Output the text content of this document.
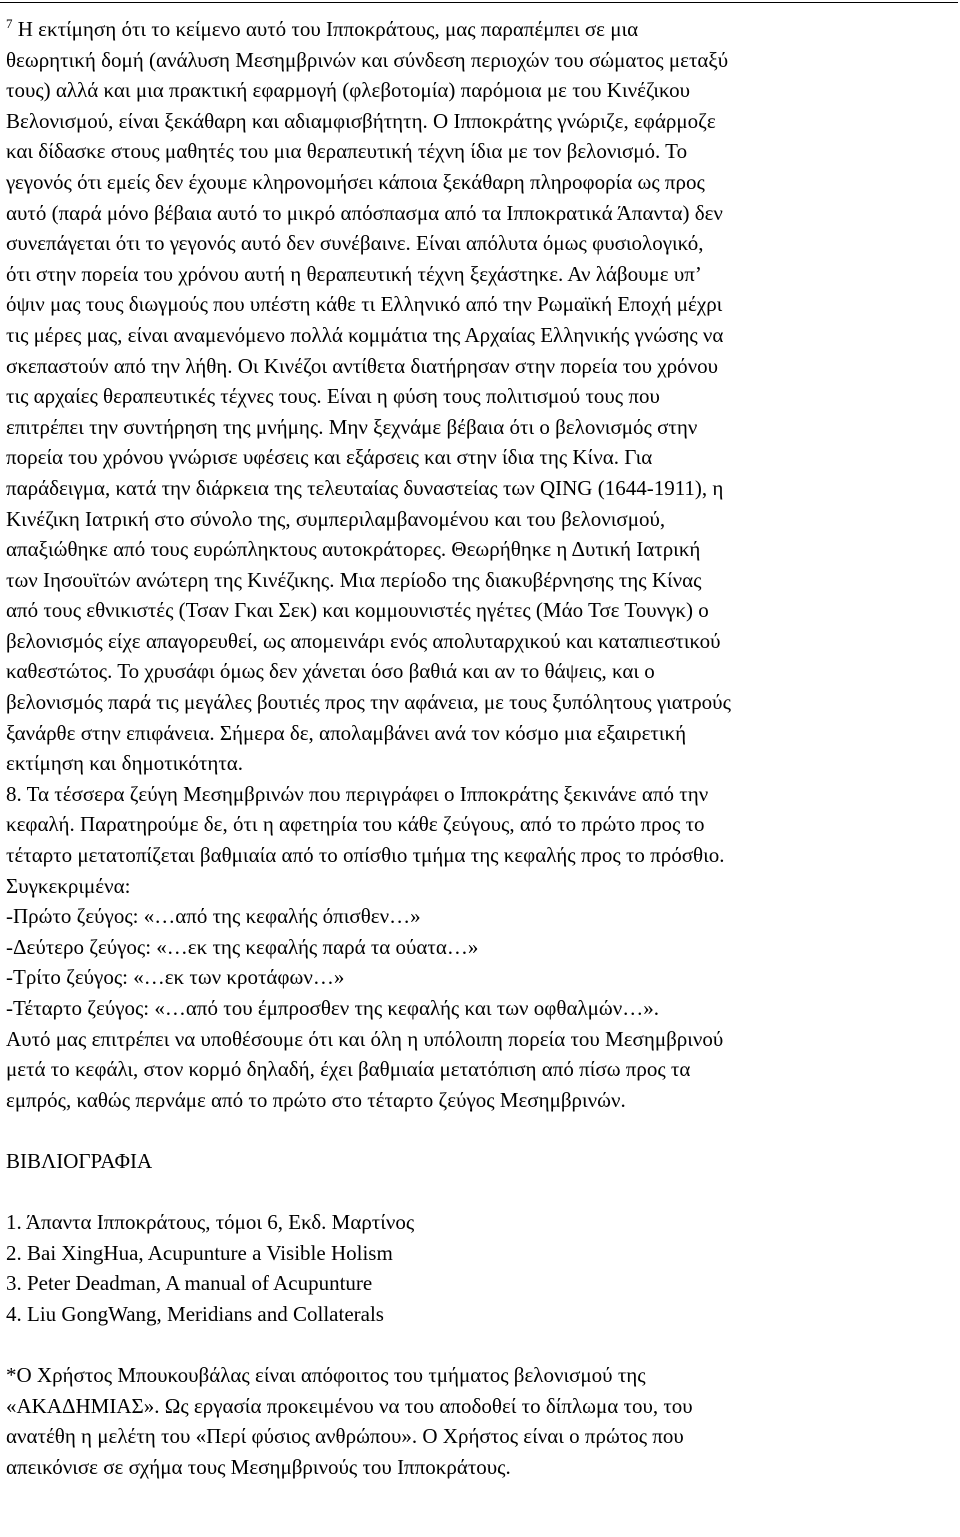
$^7$ Η εκτίμηση ότι το κείμενο αυτό του Ιπποκράτους, μας παραπέμπει σε μια
θεωρητική δομή (ανάλυση Μεσημβρινών και σύνδεση περιοχών του σώματος μεταξύ
τους) αλλά και μια πρακτική εφαρμογή (φλεβοτομία) παρόμοια με του Κινέζικου
Βελονισμού, είναι ξεκάθαρη και αδιαμφισβήτητη. Ο Ιπποκράτης γνώριζε, εφάρμοζε
και δίδασκε στους μαθητές του μια θεραπευτική τέχνη ίδια με τον βελονισμό. Το
γεγονός ότι εμείς δεν έχουμε κληρονομήσει κάποια ξεκάθαρη πληροφορία ως προς
αυτό (παρά μόνο βέβαια αυτό το μικρό απόσπασμα από τα Ιπποκρατικά Άπαντα) δεν
συνεπάγεται ότι το γεγονός αυτό δεν συνέβαινε. Είναι απόλυτα όμως φυσιολογικό,
ότι στην πορεία του χρόνου αυτή η θεραπευτική τέχνη ξεχάστηκε. Αν λάβουμε υπ’
όψιν μας τους διωγμούς που υπέστη κάθε τι Ελληνικό από την Ρωμαϊκή Εποχή μέχρι
τις μέρες μας, είναι αναμενόμενο πολλά κομμάτια της Αρχαίας Ελληνικής γνώσης να
σκεπαστούν από την λήθη. Οι Κινέζοι αντίθετα διατήρησαν στην πορεία του χρόνου
τις αρχαίες θεραπευτικές τέχνες τους. Είναι η φύση τους πολιτισμού τους που
επιτρέπει την συντήρηση της μνήμης. Μην ξεχνάμε βέβαια ότι ο βελονισμός στην
πορεία του χρόνου γνώρισε υφέσεις και εξάρσεις και στην ίδια της Κίνα. Για
παράδειγμα, κατά την διάρκεια της τελευταίας δυναστείας των QING (1644-1911), η
Κινέζικη Ιατρική στο σύνολο της, συμπεριλαμβανομένου και του βελονισμού,
απαξιώθηκε από τους ευρώπληκτους αυτοκράτορες. Θεωρήθηκε η Δυτική Ιατρική
των Ιησουϊτών ανώτερη της Κινέζικης. Μια περίοδο της διακυβέρνησης της Κίνας
από τους εθνικιστές (Τσαν Γκαι Σεκ) και κομμουνιστές ηγέτες (Μάο Τσε Τουνγκ) ο
βελονισμός είχε απαγορευθεί, ως απομεινάρι ενός απολυταρχικού και καταπιεστικού
καθεστώτος. Το χρυσάφι όμως δεν χάνεται όσο βαθιά και αν το θάψεις, και ο
βελονισμός παρά τις μεγάλες βουτιές προς την αφάνεια, με τους ξυπόλητους γιατρούς
ξανάρθε στην επιφάνεια. Σήμερα δε, απολαμβάνει ανά τον κόσμο μια εξαιρετική
εκτίμηση και δημοτικότητα.
8. Τα τέσσερα ζεύγη Μεσημβρινών που περιγράφει ο Ιπποκράτης ξεκινάνε από την
κεφαλή. Παρατηρούμε δε, ότι η αφετηρία του κάθε ζεύγους, από το πρώτο προς το
τέταρτο μετατοπίζεται βαθμιαία από το οπίσθιο τμήμα της κεφαλής προς το πρόσθιο.
Συγκεκριμένα:
-Πρώτο ζεύγος: «…από της κεφαλής όπισθεν…»
-Δεύτερο ζεύγος: «…εκ της κεφαλής παρά τα ούατα…»
-Τρίτο ζεύγος: «…εκ των κροτάφων…»
-Τέταρτο ζεύγος: «…από του έμπροσθεν της κεφαλής και των οφθαλμών…».
Αυτό μας επιτρέπει να υποθέσουμε ότι και όλη η υπόλοιπη πορεία του Μεσημβρινού
μετά το κεφάλι, στον κορμό δηλαδή, έχει βαθμιαία μετατόπιση από πίσω προς τα
εμπρός, καθώς περνάμε από το πρώτο στο τέταρτο ζεύγος Μεσημβρινών.
ΒΙΒΛΙΟΓΡΑΦΙΑ
1. Άπαντα Ιπποκράτους, τόμοι 6, Εκδ. Μαρτίνος
2. Bai XingHua, Acupunture a Visible Holism
3. Peter Deadman, A manual of Acupunture
4. Liu GongWang, Meridians and Collaterals
*Ο Χρήστος Μπουκουβάλας είναι απόφοιτος του τμήματος βελονισμού της
«ΑΚΑΔΗΜΙΑΣ». Ως εργασία προκειμένου να του αποδοθεί το δίπλωμα του, του
ανατέθη η μελέτη του «Περί φύσιος ανθρώπου». Ο Χρήστος είναι ο πρώτος που
απεικόνισε σε σχήμα τους Μεσημβρινούς του Ιπποκράτους.
